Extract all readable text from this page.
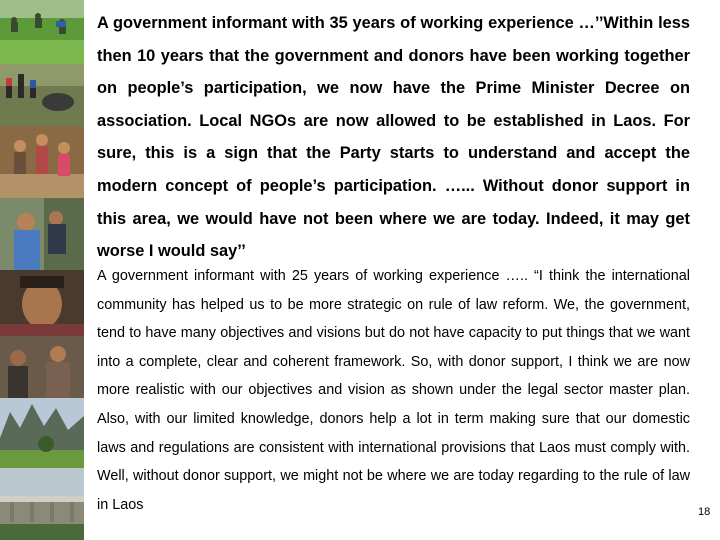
A government informant with 35 years of working experience …’’Within less then 10 years that the government and donors have been working together on people’s participation, we now have the Prime Minister Decree on association. Local NGOs are now allowed to be established in Laos. For sure, this is a sign that the Party starts to understand and accept the modern concept of people’s participation. …... Without donor support in this area, we would have not been where we are today. Indeed, it may get worse I would say’’
A government informant with 25 years of working experience ….. “I think the international community has helped us to be more strategic on rule of law reform. We, the government, tend to have many objectives and visions but do not have capacity to put things that we want into a complete, clear and coherent framework. So, with donor support, I think we are now more realistic with our objectives and vision as shown under the legal sector master plan. Also, with our limited knowledge, donors help a lot in term making sure that our domestic laws and regulations are consistent with international provisions that Laos must comply with. Well, without donor support, we might not be where we are today regarding to the rule of law in Laos	18
